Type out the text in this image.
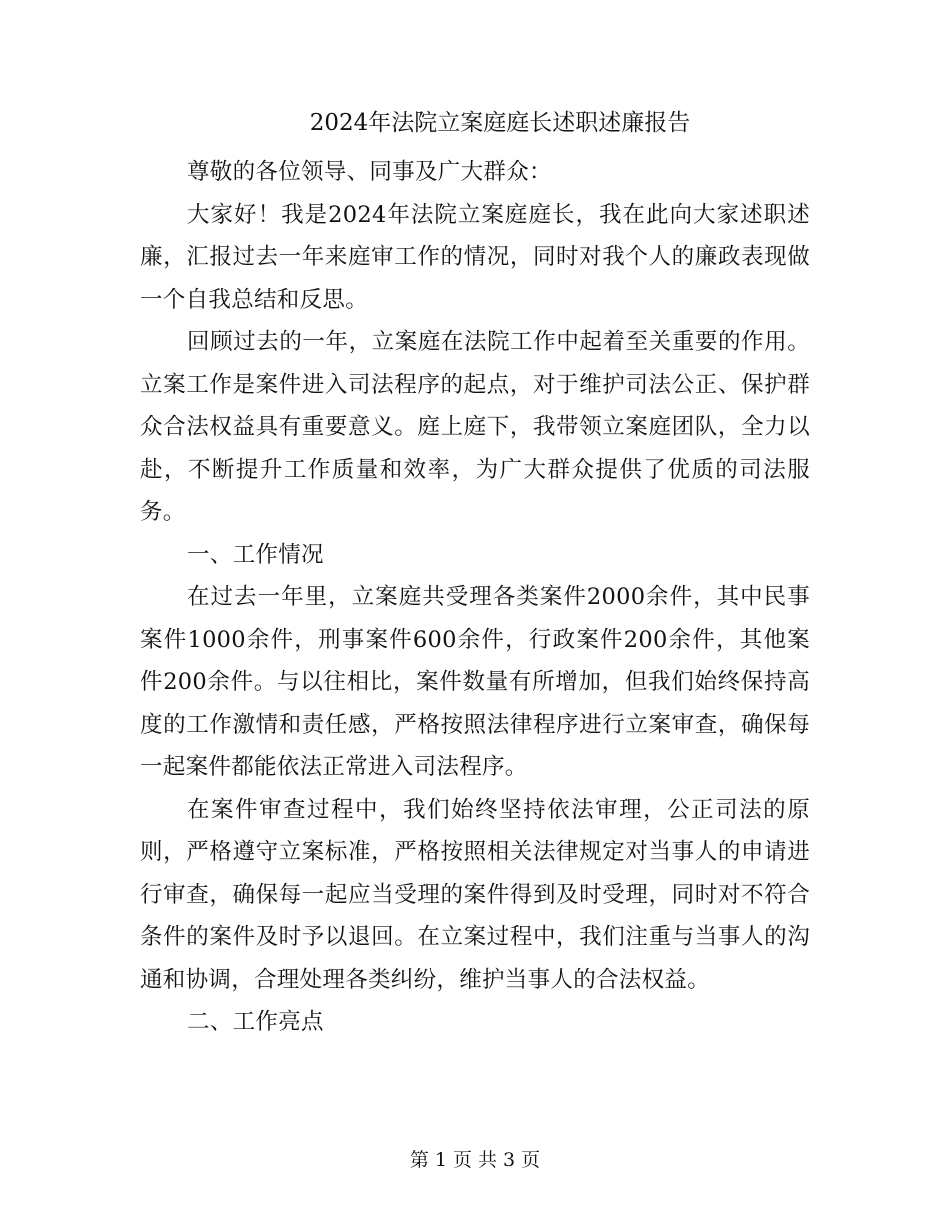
2024年法院立案庭庭长述职述廉报告

尊敬的各位领导、同事及广大群众：

大家好！我是2024年法院立案庭庭长，我在此向大家述职述廉，汇报过去一年来庭审工作的情况，同时对我个人的廉政表现做一个自我总结和反思。

回顾过去的一年，立案庭在法院工作中起着至关重要的作用。立案工作是案件进入司法程序的起点，对于维护司法公正、保护群众合法权益具有重要意义。庭上庭下，我带领立案庭团队，全力以赴，不断提升工作质量和效率，为广大群众提供了优质的司法服务。

一、工作情况

在过去一年里，立案庭共受理各类案件2000余件，其中民事案件1000余件，刑事案件600余件，行政案件200余件，其他案件200余件。与以往相比，案件数量有所增加，但我们始终保持高度的工作激情和责任感，严格按照法律程序进行立案审查，确保每一起案件都能依法正常进入司法程序。

在案件审查过程中，我们始终坚持依法审理，公正司法的原则，严格遵守立案标准，严格按照相关法律规定对当事人的申请进行审查，确保每一起应当受理的案件得到及时受理，同时对不符合条件的案件及时予以退回。在立案过程中，我们注重与当事人的沟通和协调，合理处理各类纠纷，维护当事人的合法权益。

二、工作亮点

第 1 页 共 3 页
